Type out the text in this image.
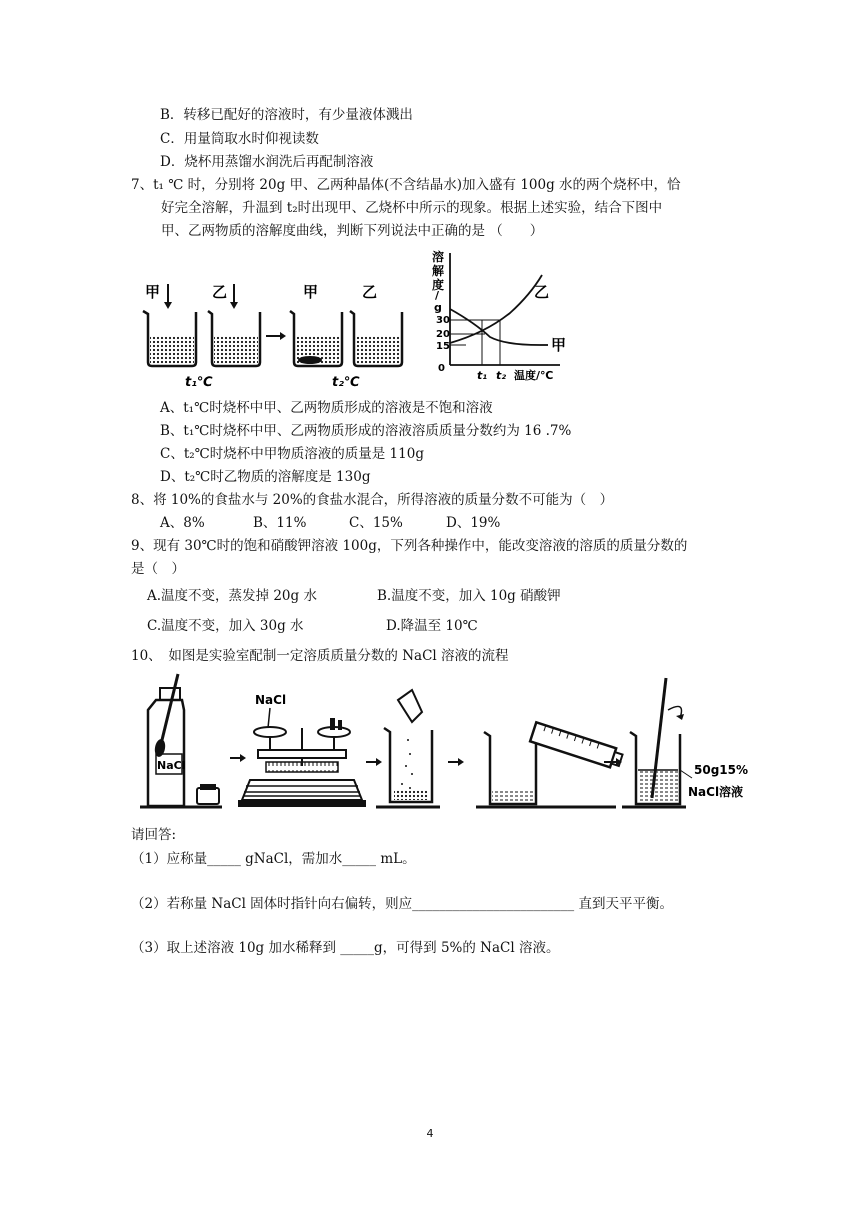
B．转移已配好的溶液时，有少量液体溅出
C．用量筒取水时仰视读数
D．烧杯用蒸馏水润洗后再配制溶液
7、t₁ ℃ 时，分别将 20g 甲、乙两种晶体(不含结晶水)加入盛有 100g 水的两个烧杯中，恰
好完全溶解，升温到 t₂时出现甲、乙烧杯中所示的现象。根据上述实验，结合下图中
甲、乙两物质的溶解度曲线，判断下列说法中正确的是 （　　）
甲	乙	甲	乙
t₁℃	t₂℃
溶
解
度
/
g
30
20
15
0
乙
甲
t₁ t₂ 温度/℃
A、t₁℃时烧杯中甲、乙两物质形成的溶液是不饱和溶液
B、t₁℃时烧杯中甲、乙两物质形成的溶液溶质质量分数约为 16 .7%
C、t₂℃时烧杯中甲物质溶液的质量是 110g
D、t₂℃时乙物质的溶解度是 130g
8、将 10%的食盐水与 20%的食盐水混合，所得溶液的质量分数不可能为（　）
A、8%	B、11%	C、15%	D、19%
9、现有 30℃时的饱和硝酸钾溶液 100g，下列各种操作中，能改变溶液的溶质的质量分数的
是（　）
A.温度不变，蒸发掉 20g 水	B.温度不变，加入 10g 硝酸钾
C.温度不变，加入 30g 水	D.降温至 10℃
10、　如图是实验室配制一定溶质质量分数的 NaCl 溶液的流程
NaCl
NaCl
50g15%
NaCl溶液
请回答:
（1）应称量_____ gNaCl，需加水_____ mL。
（2）若称量 NaCl 固体时指针向右偏转，则应________________________ 直到天平平衡。
（3）取上述溶液 10g 加水稀释到 _____g，可得到 5%的 NaCl 溶液。
4
